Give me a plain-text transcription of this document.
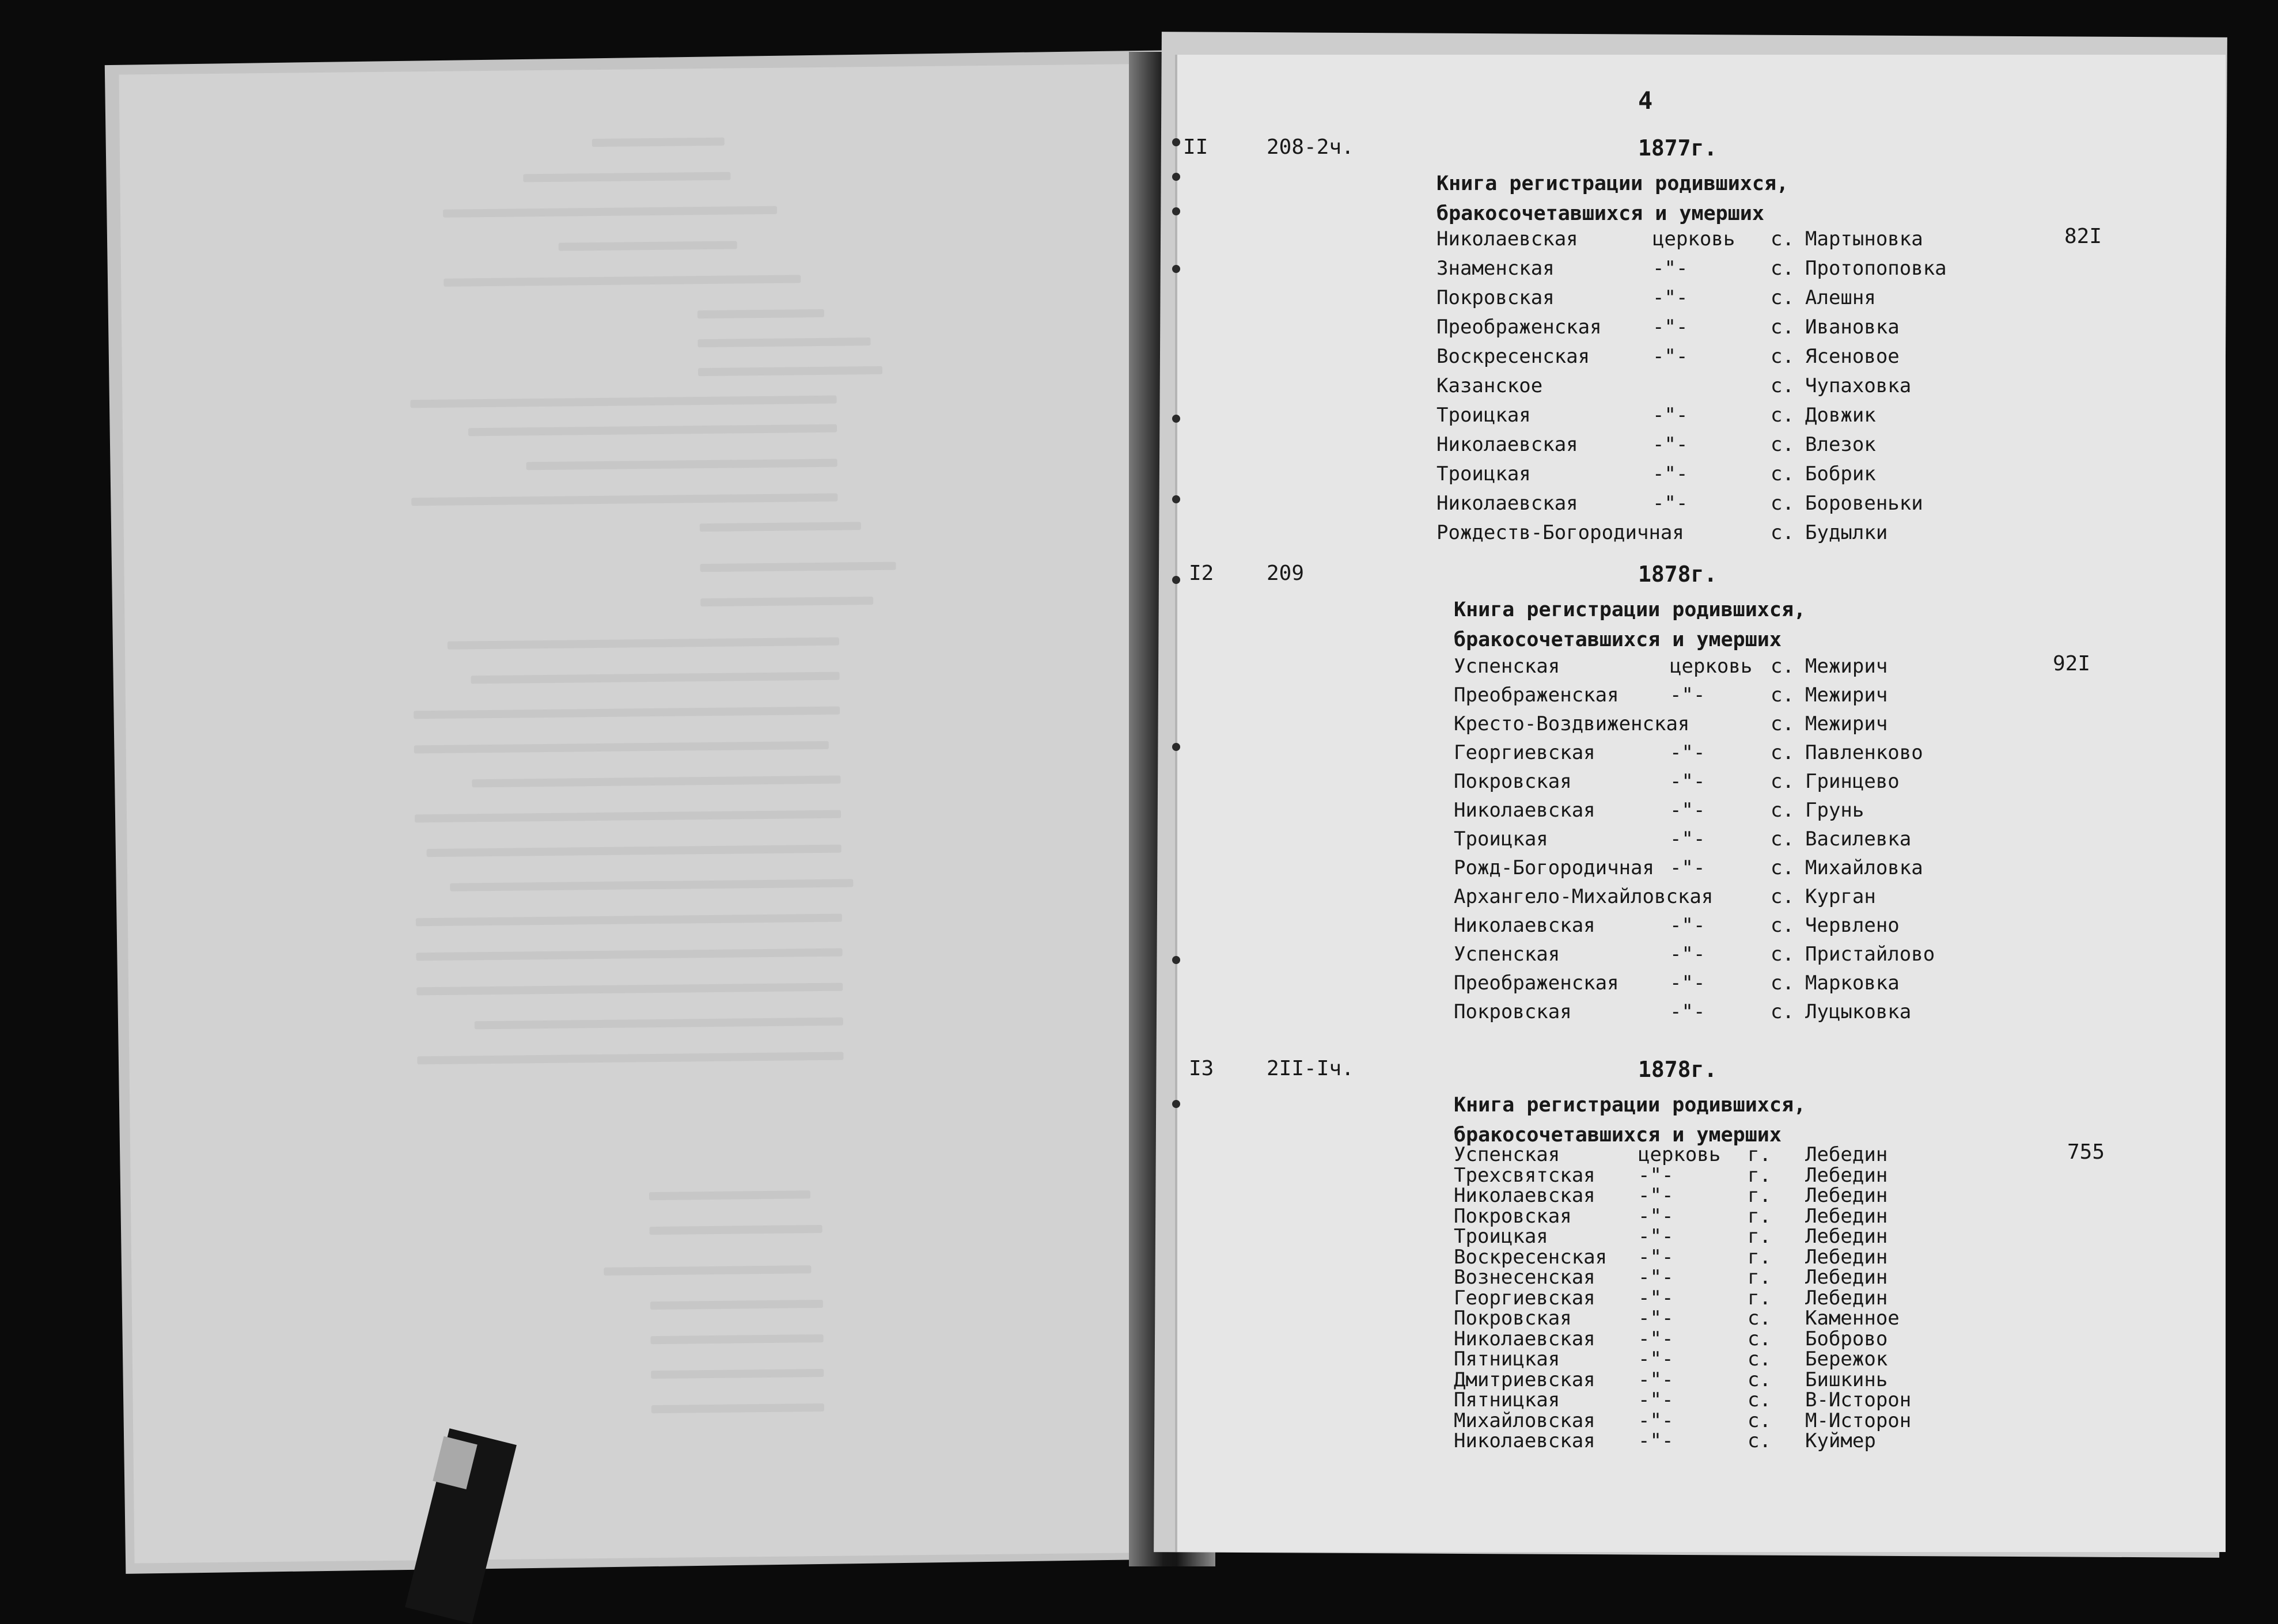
4
II	208-2ч.	1877г.
Книга регистрации родившихся,
бракосочетавшихся и умерших
82I
Николаевская	церковь с. Мартыновка
Знаменская	-"-	с. Протопоповка
Покровская	-"-	с. Алешня
Преображенская	-"-	с. Ивановка
Воскресенская	-"-	с. Ясеновое
Казанское	с. Чупаховка
Троицкая	-"-	с. Довжик
Николаевская	-"-	с. Влезок
Троицкая	-"-	с. Бобрик
Николаевская	-"-	с. Боровеньки
Рождеств-Богородичная	с. Будылки
I2	209	1878г.
Книга регистрации родившихся,
бракосочетавшихся и умерших
92I
Успенская	церковь с. Межирич
Преображенская	-"-	с. Межирич
Кресто-Воздвиженская	с. Межирич
Георгиевская	-"-	с. Павленково
Покровская	-"-	с. Гринцево
Николаевская	-"-	с. Грунь
Троицкая	-"-	с. Василевка
Рожд-Богородичная -"-	с. Михайловка
Архангело-Михайловская	с. Курган
Николаевская	-"-	с. Червлено
Успенская	-"-	с. Пристайлово
Преображенская	-"-	с. Марковка
Покровская	-"-	с. Луцыковка
I3	2II-Iч.	1878г.
Книга регистрации родившихся,
бракосочетавшихся и умерших
755
Успенская	церковь г. Лебедин
Трехсвятская -"-	г. Лебедин
Николаевская -"-	г. Лебедин
Покровская	-"-	г. Лебедин
Троицкая	-"-	г. Лебедин
Воскресенская -"-	г. Лебедин
Вознесенская -"-	г. Лебедин
Георгиевская -"-	г. Лебедин
Покровская	-"-	с. Каменное
Николаевская -"-	с. Боброво
Пятницкая	-"-	с. Бережок
Дмитриевская -"-	с. Бишкинь
Пятницкая	-"-	с. В-Исторон
Михайловская -"-	с. М-Исторон
Николаевская -"-	с. Куймер
